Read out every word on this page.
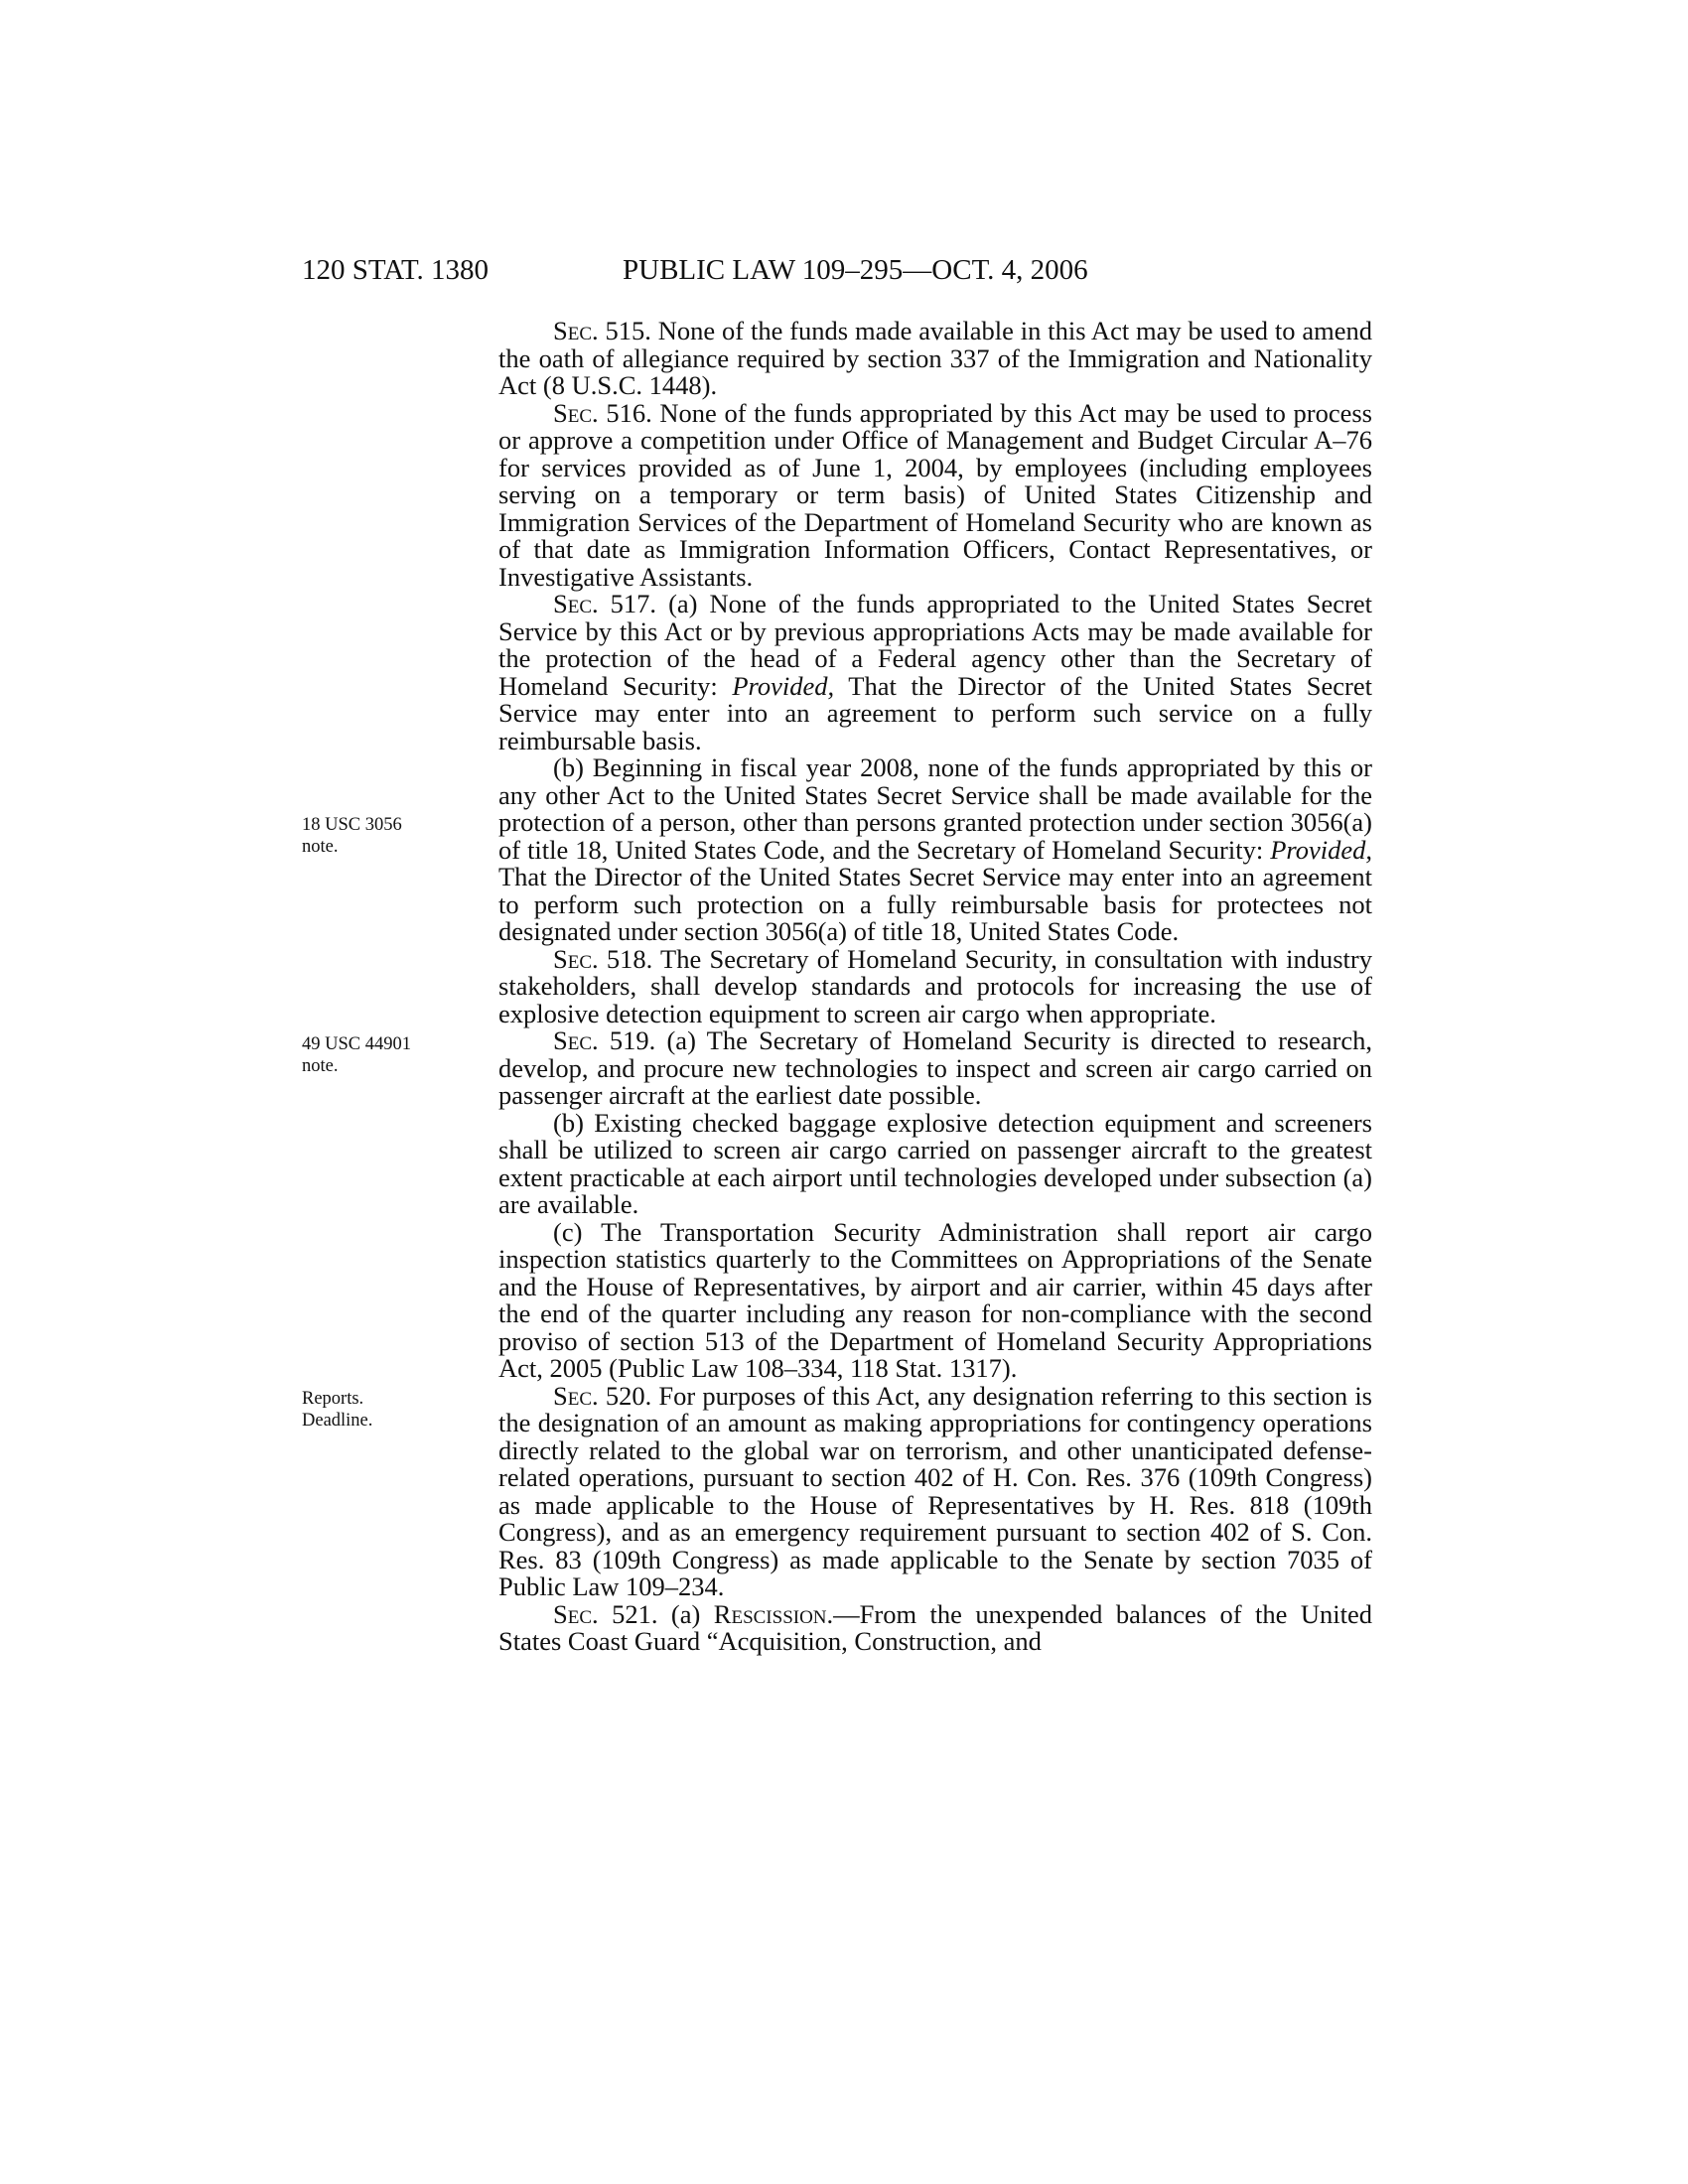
120 STAT. 1380	PUBLIC LAW 109–295—OCT. 4, 2006
18 USC 3056
note.
49 USC 44901
note.
Reports.
Deadline.

Sec. 515. None of the funds made available in this Act may be used to amend the oath of allegiance required by section 337 of the Immigration and Nationality Act (8 U.S.C. 1448).

Sec. 516. None of the funds appropriated by this Act may be used to process or approve a competition under Office of Management and Budget Circular A–76 for services provided as of June 1, 2004, by employees (including employees serving on a temporary or term basis) of United States Citizenship and Immigration Services of the Department of Homeland Security who are known as of that date as Immigration Information Officers, Contact Representatives, or Investigative Assistants.

Sec. 517. (a) None of the funds appropriated to the United States Secret Service by this Act or by previous appropriations Acts may be made available for the protection of the head of a Federal agency other than the Secretary of Homeland Security: Provided, That the Director of the United States Secret Service may enter into an agreement to perform such service on a fully reimbursable basis.

(b) Beginning in fiscal year 2008, none of the funds appropriated by this or any other Act to the United States Secret Service shall be made available for the protection of a person, other than persons granted protection under section 3056(a) of title 18, United States Code, and the Secretary of Homeland Security: Provided, That the Director of the United States Secret Service may enter into an agreement to perform such protection on a fully reimbursable basis for protectees not designated under section 3056(a) of title 18, United States Code.

Sec. 518. The Secretary of Homeland Security, in consultation with industry stakeholders, shall develop standards and protocols for increasing the use of explosive detection equipment to screen air cargo when appropriate.

Sec. 519. (a) The Secretary of Homeland Security is directed to research, develop, and procure new technologies to inspect and screen air cargo carried on passenger aircraft at the earliest date possible.

(b) Existing checked baggage explosive detection equipment and screeners shall be utilized to screen air cargo carried on passenger aircraft to the greatest extent practicable at each airport until technologies developed under subsection (a) are available.

(c) The Transportation Security Administration shall report air cargo inspection statistics quarterly to the Committees on Appropriations of the Senate and the House of Representatives, by airport and air carrier, within 45 days after the end of the quarter including any reason for non-compliance with the second proviso of section 513 of the Department of Homeland Security Appropriations Act, 2005 (Public Law 108–334, 118 Stat. 1317).

Sec. 520. For purposes of this Act, any designation referring to this section is the designation of an amount as making appropriations for contingency operations directly related to the global war on terrorism, and other unanticipated defense-related operations, pursuant to section 402 of H. Con. Res. 376 (109th Congress) as made applicable to the House of Representatives by H. Res. 818 (109th Congress), and as an emergency requirement pursuant to section 402 of S. Con. Res. 83 (109th Congress) as made applicable to the Senate by section 7035 of Public Law 109–234.

Sec. 521. (a) Rescission.—From the unexpended balances of the United States Coast Guard “Acquisition, Construction, and
